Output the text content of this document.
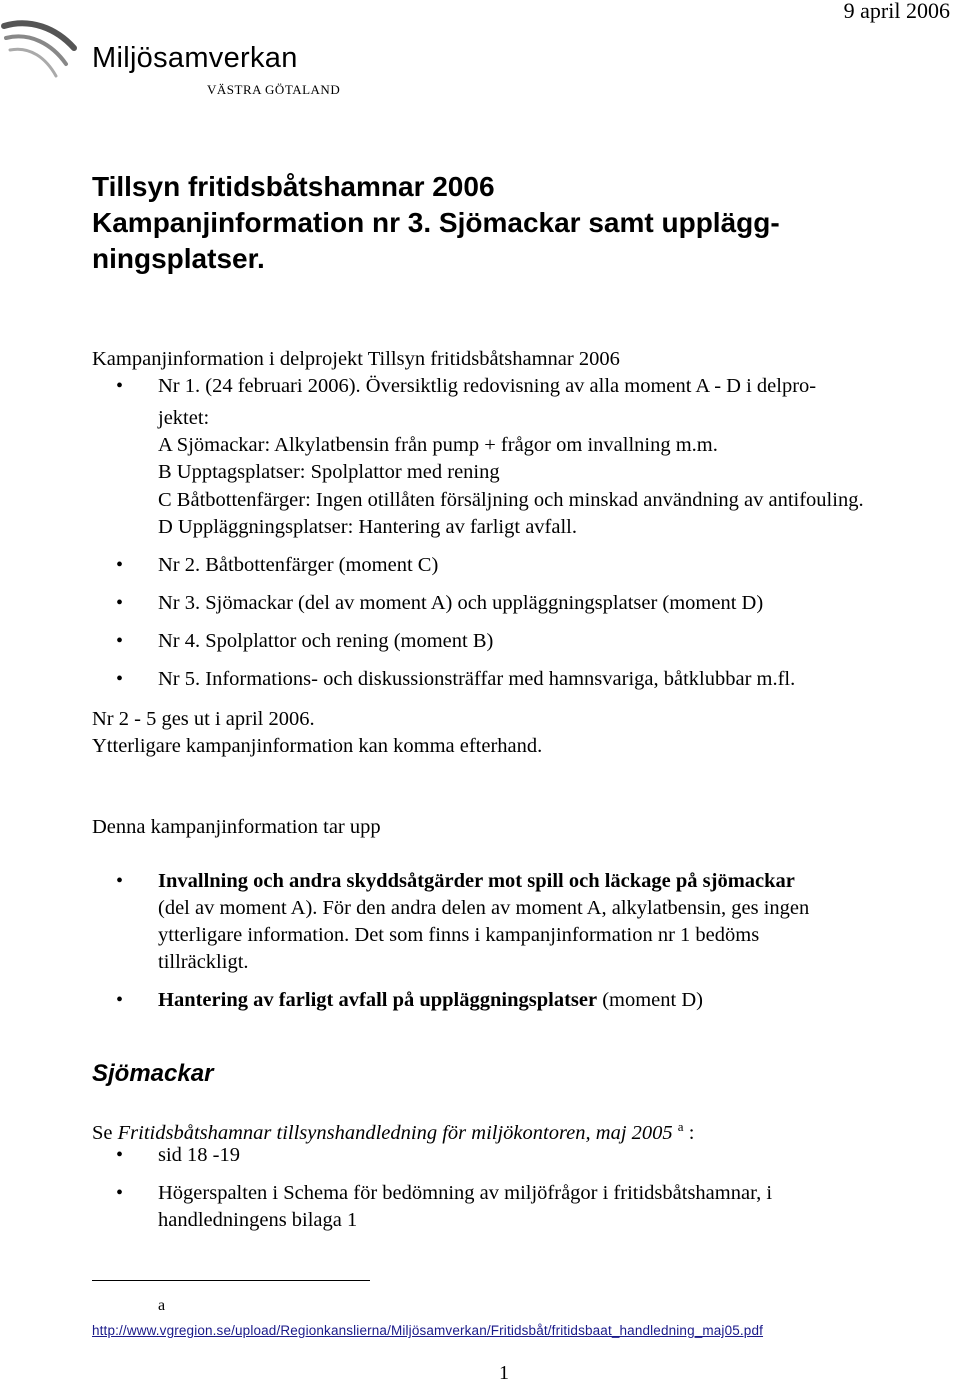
9 april 2006
Miljösamverkan
VÄSTRA GÖTALAND
Tillsyn fritidsbåtshamnar 2006
Kampanjinformation nr 3. Sjömackar samt upplägg-
ningsplatser.
Kampanjinformation i delprojekt Tillsyn fritidsbåtshamnar 2006
• Nr 1. (24 februari 2006). Översiktlig redovisning av alla moment A - D i delpro-
jektet:
A Sjömackar: Alkylatbensin från pump + frågor om invallning m.m.
B Upptagsplatser: Spolplattor med rening
C Båtbottenfärger: Ingen otillåten försäljning och minskad användning av antifouling.
D Uppläggningsplatser: Hantering av farligt avfall.
• Nr 2. Båtbottenfärger (moment C)
• Nr 3. Sjömackar (del av moment A) och uppläggningsplatser (moment D)
• Nr 4. Spolplattor och rening (moment B)
• Nr 5. Informations- och diskussionsträffar med hamnsvariga, båtklubbar m.fl.
Nr 2 - 5 ges ut i april 2006.
Ytterligare kampanjinformation kan komma efterhand.
Denna kampanjinformation tar upp
• Invallning och andra skyddsåtgärder mot spill och läckage på sjömackar
(del av moment A). För den andra delen av moment A, alkylatbensin, ges ingen
ytterligare information. Det som finns i kampanjinformation nr 1 bedöms
tillräckligt.
• Hantering av farligt avfall på uppläggningsplatser (moment D)
Sjömackar
Se Fritidsbåtshamnar tillsynshandledning för miljökontoren, maj 2005 $^a$ :
• sid 18 -19
• Högerspalten i Schema för bedömning av miljöfrågor i fritidsbåtshamnar, i
handledningens bilaga 1
a
http://www.vgregion.se/upload/Regionkanslierna/Miljösamverkan/Fritidsbåt/fritidsbaat_handledning_maj05.pdf
1
